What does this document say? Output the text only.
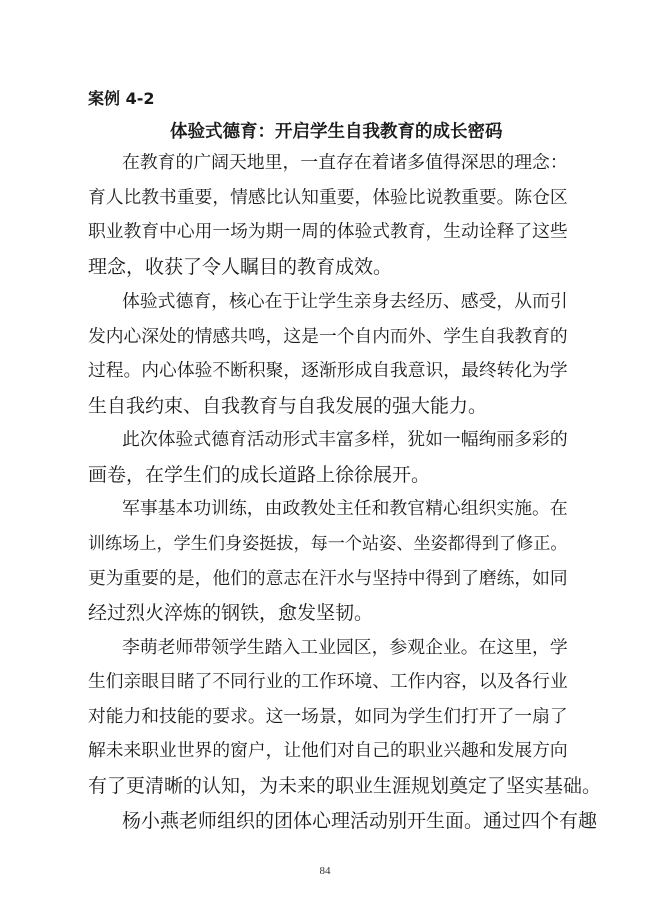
案例 4-2
体验式德育：开启学生自我教育的成长密码
在教育的广阔天地里，一直存在着诸多值得深思的理念：
育人比教书重要，情感比认知重要，体验比说教重要。陈仓区
职业教育中心用一场为期一周的体验式教育，生动诠释了这些
理念，收获了令人瞩目的教育成效。
体验式德育，核心在于让学生亲身去经历、感受，从而引
发内心深处的情感共鸣，这是一个自内而外、学生自我教育的
过程。内心体验不断积聚，逐渐形成自我意识，最终转化为学
生自我约束、自我教育与自我发展的强大能力。
此次体验式德育活动形式丰富多样，犹如一幅绚丽多彩的
画卷，在学生们的成长道路上徐徐展开。
军事基本功训练，由政教处主任和教官精心组织实施。在
训练场上，学生们身姿挺拔，每一个站姿、坐姿都得到了修正。
更为重要的是，他们的意志在汗水与坚持中得到了磨练，如同
经过烈火淬炼的钢铁，愈发坚韧。
李萌老师带领学生踏入工业园区，参观企业。在这里，学
生们亲眼目睹了不同行业的工作环境、工作内容，以及各行业
对能力和技能的要求。这一场景，如同为学生们打开了一扇了
解未来职业世界的窗户，让他们对自己的职业兴趣和发展方向
有了更清晰的认知，为未来的职业生涯规划奠定了坚实基础。
杨小燕老师组织的团体心理活动别开生面。通过四个有趣
84
